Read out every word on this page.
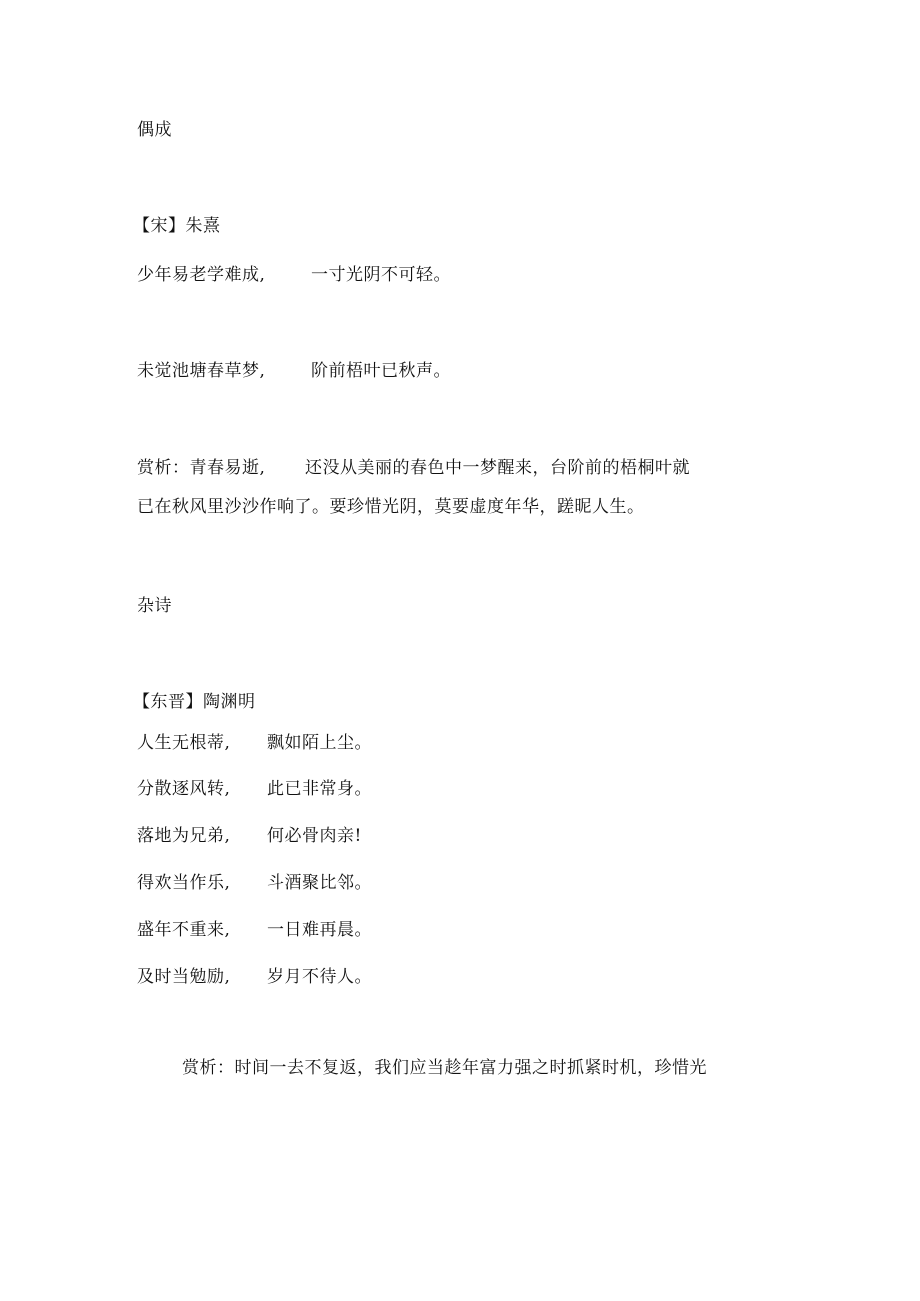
偶成
【宋】朱熹
少年易老学难成,	一寸光阴不可轻。
未觉池塘春草梦,	阶前梧叶已秋声。
赏析：青春易逝, 还没从美丽的春色中一梦醒来，台阶前的梧桐叶就
已在秋风里沙沙作响了。要珍惜光阴，莫要虚度年华，蹉昵人生。
杂诗
【东晋】陶渊明
人生无根蒂, 飘如陌上尘。
分散逐风转, 此已非常身。
落地为兄弟, 何必骨肉亲!
得欢当作乐, 斗酒聚比邻。
盛年不重来, 一日难再晨。
及时当勉励, 岁月不待人。
赏析：时间一去不复返，我们应当趁年富力强之时抓紧时机，珍惜光
